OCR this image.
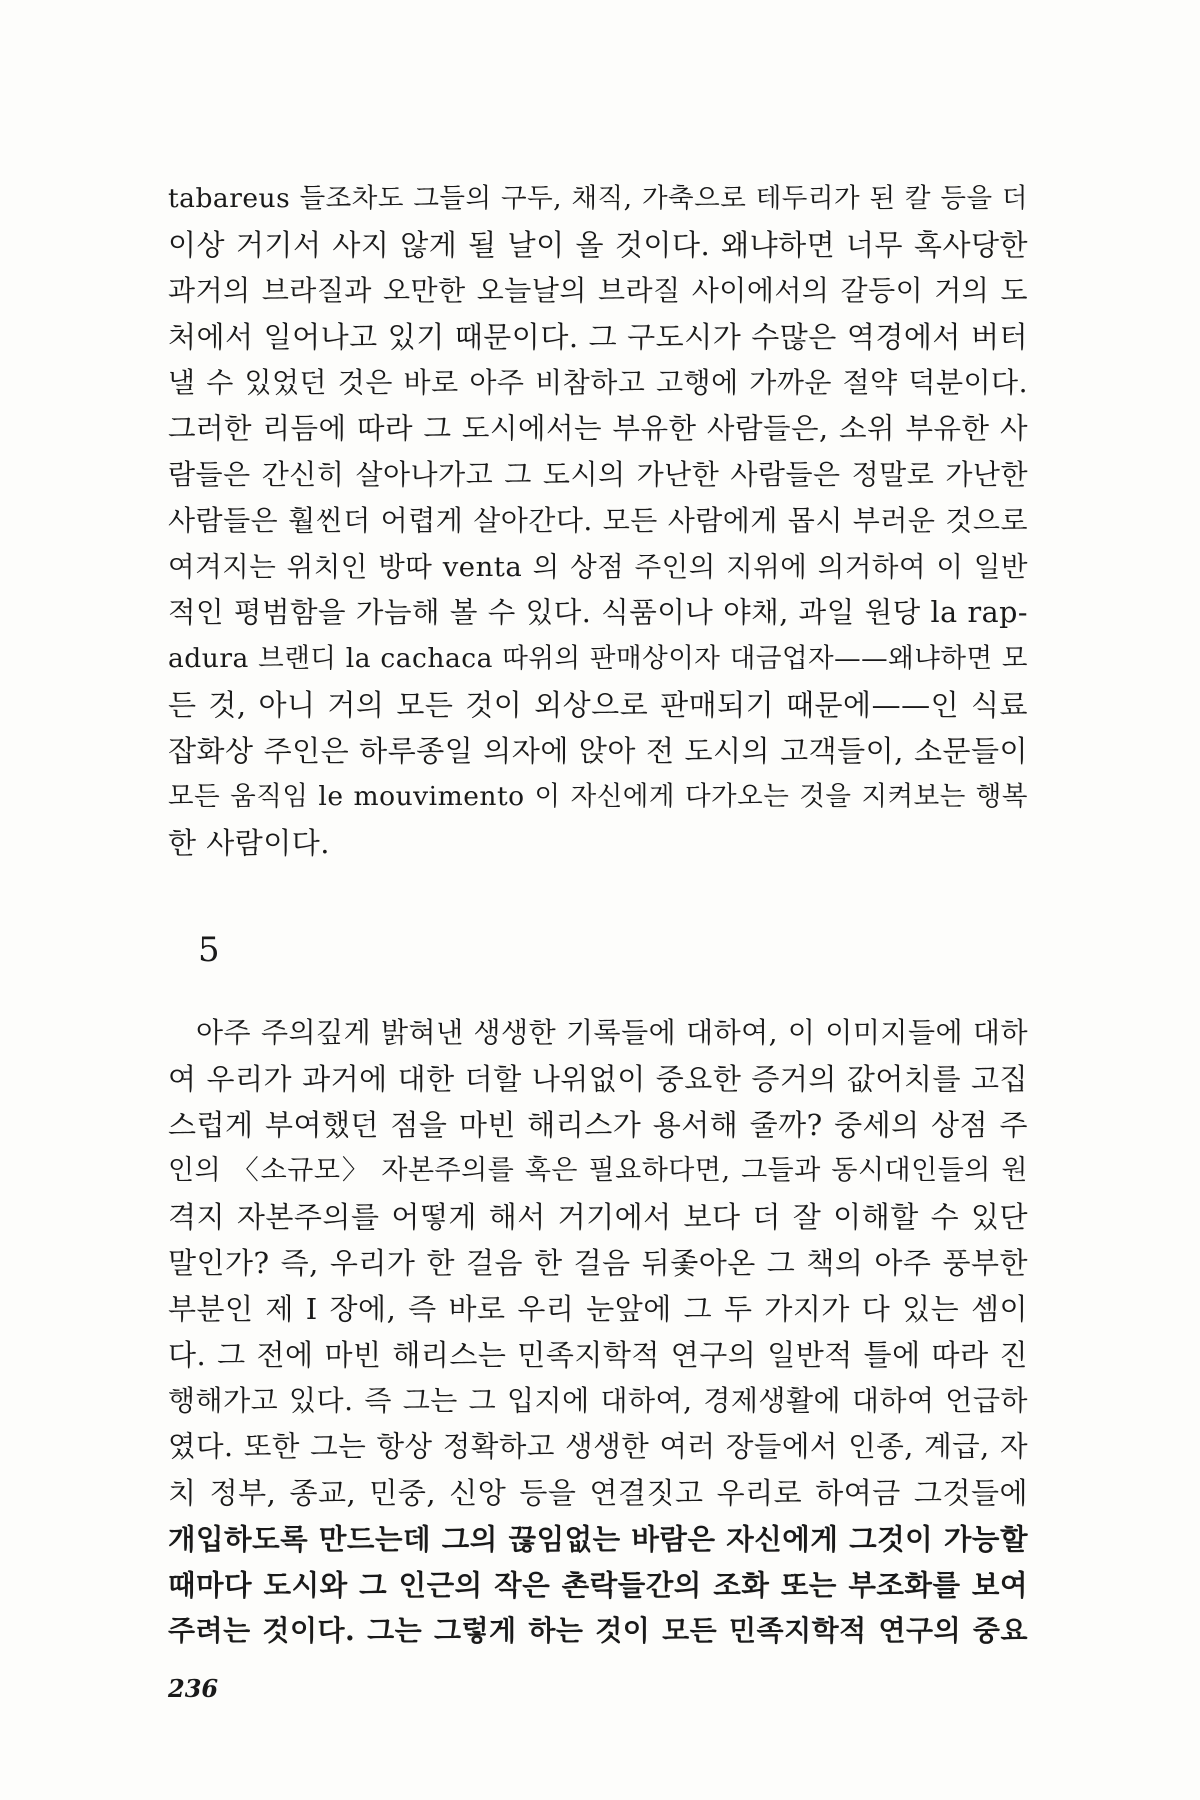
tabareus 들조차도 그들의 구두, 채직, 가축으로 테두리가 된 칼 등을 더
이상 거기서 사지 않게 될 날이 올 것이다. 왜냐하면 너무 혹사당한
과거의 브라질과 오만한 오늘날의 브라질 사이에서의 갈등이 거의 도
처에서 일어나고 있기 때문이다. 그 구도시가 수많은 역경에서 버터
낼 수 있었던 것은 바로 아주 비참하고 고행에 가까운 절약 덕분이다.
그러한 리듬에 따라 그 도시에서는 부유한 사람들은, 소위 부유한 사
람들은 간신히 살아나가고 그 도시의 가난한 사람들은 정말로 가난한
사람들은 훨씬더 어렵게 살아간다. 모든 사람에게 몹시 부러운 것으로
여겨지는 위치인 방따 venta 의 상점 주인의 지위에 의거하여 이 일반
적인 평범함을 가늠해 볼 수 있다. 식품이나 야채, 과일 원당 la rap-
adura 브랜디 la cachaca 따위의 판매상이자 대금업자——왜냐하면 모
든 것, 아니 거의 모든 것이 외상으로 판매되기 때문에——인 식료
잡화상 주인은 하루종일 의자에 앉아 전 도시의 고객들이, 소문들이
모든 움직임 le mouvimento 이 자신에게 다가오는 것을 지켜보는 행복
한 사람이다.
5
아주 주의깊게 밝혀낸 생생한 기록들에 대하여, 이 이미지들에 대하
여 우리가 과거에 대한 더할 나위없이 중요한 증거의 값어치를 고집
스럽게 부여했던 점을 마빈 해리스가 용서해 줄까? 중세의 상점 주
인의 〈소규모〉 자본주의를 혹은 필요하다면, 그들과 동시대인들의 원
격지 자본주의를 어떻게 해서 거기에서 보다 더 잘 이해할 수 있단
말인가? 즉, 우리가 한 걸음 한 걸음 뒤좇아온 그 책의 아주 풍부한
부분인 제 I 장에, 즉 바로 우리 눈앞에 그 두 가지가 다 있는 셈이
다. 그 전에 마빈 해리스는 민족지학적 연구의 일반적 틀에 따라 진
행해가고 있다. 즉 그는 그 입지에 대하여, 경제생활에 대하여 언급하
였다. 또한 그는 항상 정확하고 생생한 여러 장들에서 인종, 계급, 자
치 정부, 종교, 민중, 신앙 등을 연결짓고 우리로 하여금 그것들에
개입하도록 만드는데 그의 끊임없는 바람은 자신에게 그것이 가능할
때마다 도시와 그 인근의 작은 촌락들간의 조화 또는 부조화를 보여
주려는 것이다. 그는 그렇게 하는 것이 모든 민족지학적 연구의 중요
236
